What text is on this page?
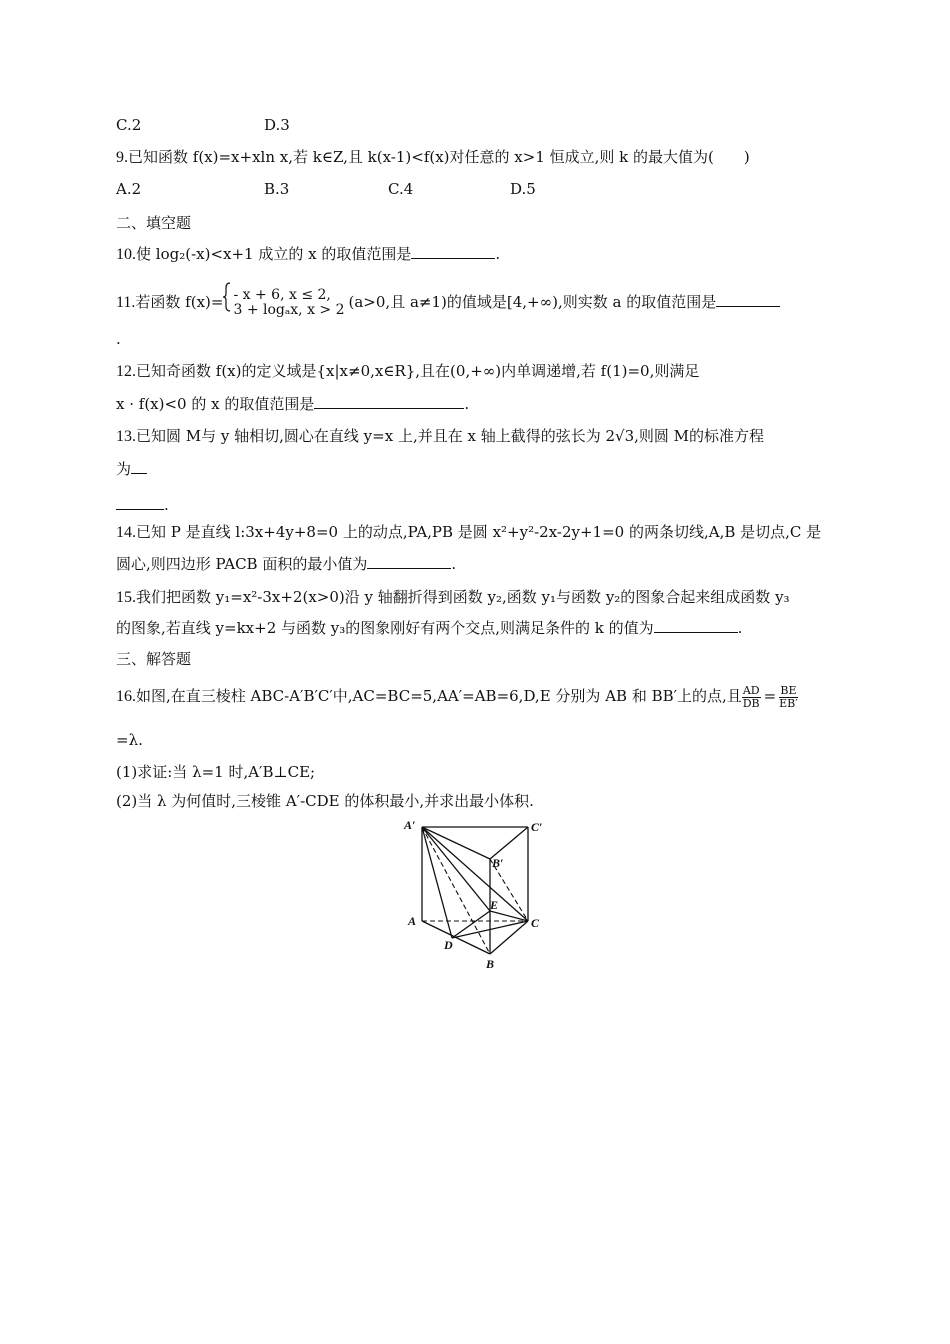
C.2	D.3
9.已知函数 f(x)=x+xln x,若 k∈Z,且 k(x-1)<f(x)对任意的 x>1 恒成立,则 k 的最大值为(　　)
A.2	B.3	C.4	D.5
二、填空题
10.使 log₂(-x)<x+1 成立的 x 的取值范围是	.
11.若函数 f(x)= - x + 6, x ≤ 2,
3 + logₐx, x > 2 (a>0,且 a≠1)的值域是[4,+∞),则实数 a 的取值范围是
.
12.已知奇函数 f(x)的定义域是{x|x≠0,x∈R},且在(0,+∞)内单调递增,若 f(1)=0,则满足
x · f(x)<0 的 x 的取值范围是	.
13.已知圆 M与 y 轴相切,圆心在直线 y=x 上,并且在 x 轴上截得的弦长为 2√3,则圆 M的标准方程
为
.
14.已知 P 是直线 l:3x+4y+8=0 上的动点,PA,PB 是圆 x²+y²-2x-2y+1=0 的两条切线,A,B 是切点,C 是
圆心,则四边形 PACB 面积的最小值为	.
15.我们把函数 y₁=x²-3x+2(x>0)沿 y 轴翻折得到函数 y₂,函数 y₁与函数 y₂的图象合起来组成函数 y₃
的图象,若直线 y=kx+2 与函数 y₃的图象刚好有两个交点,则满足条件的 k 的值为	.
三、解答题
16.如图,在直三棱柱 ABC-A′B′C′中,AC=BC=5,AA′=AB=6,D,E 分别为 AB 和 BB′上的点,且 $\frac{AD}{DB} = \frac{BE}{EB'}$
=λ.
(1)求证:当 λ=1 时,A′B⊥CE;
(2)当 λ 为何值时,三棱锥 A′-CDE 的体积最小,并求出最小体积.
A′	C′
B′
A	C
B
D
E
